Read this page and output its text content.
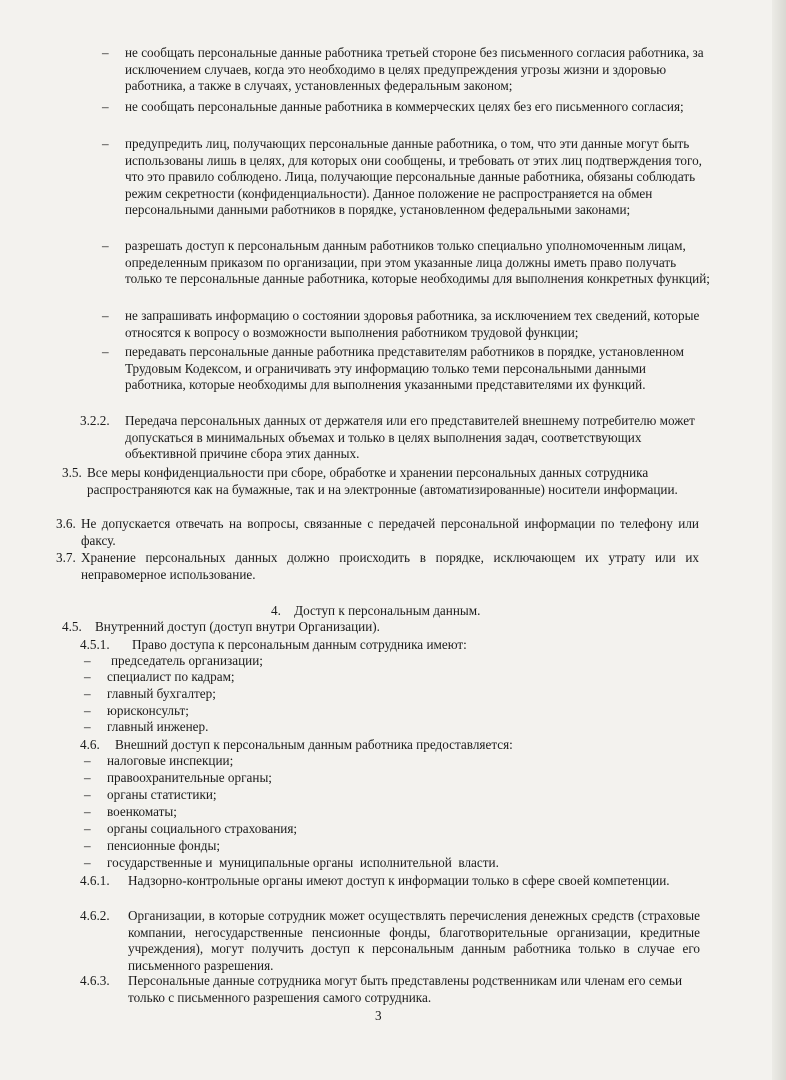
– не сообщать персональные данные работника третьей стороне без письменного согласия работника, за исключением случаев, когда это необходимо в целях предупреждения угрозы жизни и здоровью работника, а также в случаях, установленных федеральным законом;
– не сообщать персональные данные работника в коммерческих целях без его письменного согласия;
– предупредить лиц, получающих персональные данные работника, о том, что эти данные могут быть использованы лишь в целях, для которых они сообщены, и требовать от этих лиц подтверждения того, что это правило соблюдено. Лица, получающие персональные данные работника, обязаны соблюдать режим секретности (конфиденциальности). Данное положение не распространяется на обмен персональными данными работников в порядке, установленном федеральными законами;
– разрешать доступ к персональным данным работников только специально уполномоченным лицам, определенным приказом по организации, при этом указанные лица должны иметь право получать только те персональные данные работника, которые необходимы для выполнения конкретных функций;
– не запрашивать информацию о состоянии здоровья работника, за исключением тех сведений, которые относятся к вопросу о возможности выполнения работником трудовой функции;
– передавать персональные данные работника представителям работников в порядке, установленном Трудовым Кодексом, и ограничивать эту информацию только теми персональными данными работника, которые необходимы для выполнения указанными представителями их функций.
3.2.2. Передача персональных данных от держателя или его представителей внешнему потребителю может допускаться в минимальных объемах и только в целях выполнения задач, соответствующих объективной причине сбора этих данных.
3.5. Все меры конфиденциальности при сборе, обработке и хранении персональных данных сотрудника распространяются как на бумажные, так и на электронные (автоматизированные) носители информации.
3.6. Не допускается отвечать на вопросы, связанные с передачей персональной информации по телефону или факсу.
3.7. Хранение персональных данных должно происходить в порядке, исключающем их утрату или их неправомерное использование.
4. Доступ к персональным данным.
4.5. Внутренний доступ (доступ внутри Организации).
4.5.1. Право доступа к персональным данным сотрудника имеют:
– председатель организации;
– специалист по кадрам;
– главный бухгалтер;
– юрисконсульт;
– главный инженер.
4.6. Внешний доступ к персональным данным работника предоставляется:
– налоговые инспекции;
– правоохранительные органы;
– органы статистики;
– военкоматы;
– органы социального страхования;
– пенсионные фонды;
– государственные и  муниципальные органы  исполнительной  власти.
4.6.1. Надзорно-контрольные органы имеют доступ к информации только в сфере своей компетенции.
4.6.2. Организации, в которые сотрудник может осуществлять перечисления денежных средств (страховые компании, негосударственные пенсионные фонды, благотворительные организации, кредитные учреждения), могут получить доступ к персональным данным работника только в случае его письменного разрешения.
4.6.3. Персональные данные сотрудника могут быть представлены родственникам или членам его семьи только с письменного разрешения самого сотрудника.
3
